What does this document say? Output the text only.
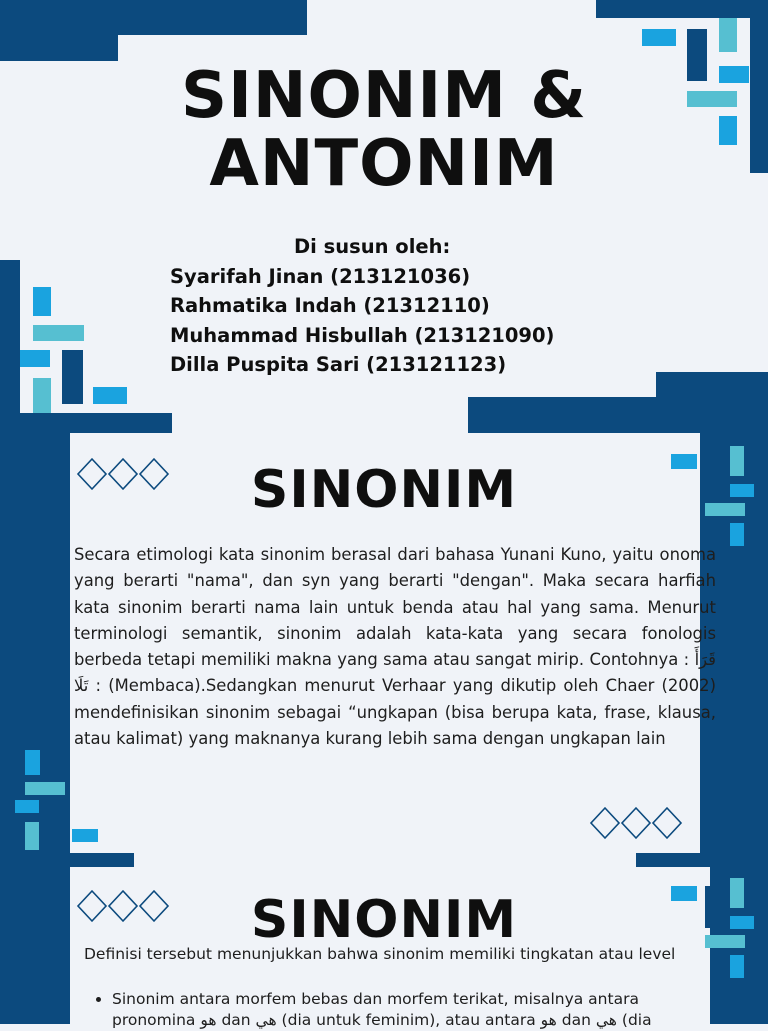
SINONIM &
ANTONIM
Di susun oleh:
Syarifah Jinan (213121036)
Rahmatika Indah (21312110)
Muhammad Hisbullah (213121090)
Dilla Puspita Sari (213121123)
SINONIM

Secara etimologi kata sinonim berasal dari bahasa Yunani Kuno, yaitu onoma yang berarti "nama", dan syn yang berarti "dengan". Maka secara harfiah kata sinonim berarti nama lain untuk benda atau hal yang sama. Menurut terminologi semantik, sinonim adalah kata-kata yang secara fonologis berbeda tetapi memiliki makna yang sama atau sangat mirip. Contohnya : قَرَأَ : تَلَا (Membaca).Sedangkan menurut Verhaar yang dikutip oleh Chaer (2002) mendefinisikan sinonim sebagai “ungkapan (bisa berupa kata, frase, klausa, atau kalimat) yang maknanya kurang lebih sama dengan ungkapan lain

SINONIM

Definisi tersebut menunjukkan bahwa sinonim memiliki tingkatan atau level

• Sinonim antara morfem bebas dan morfem terikat, misalnya antara pronomina هو dan هي (dia untuk feminim), atau antara هو dan هي (dia
